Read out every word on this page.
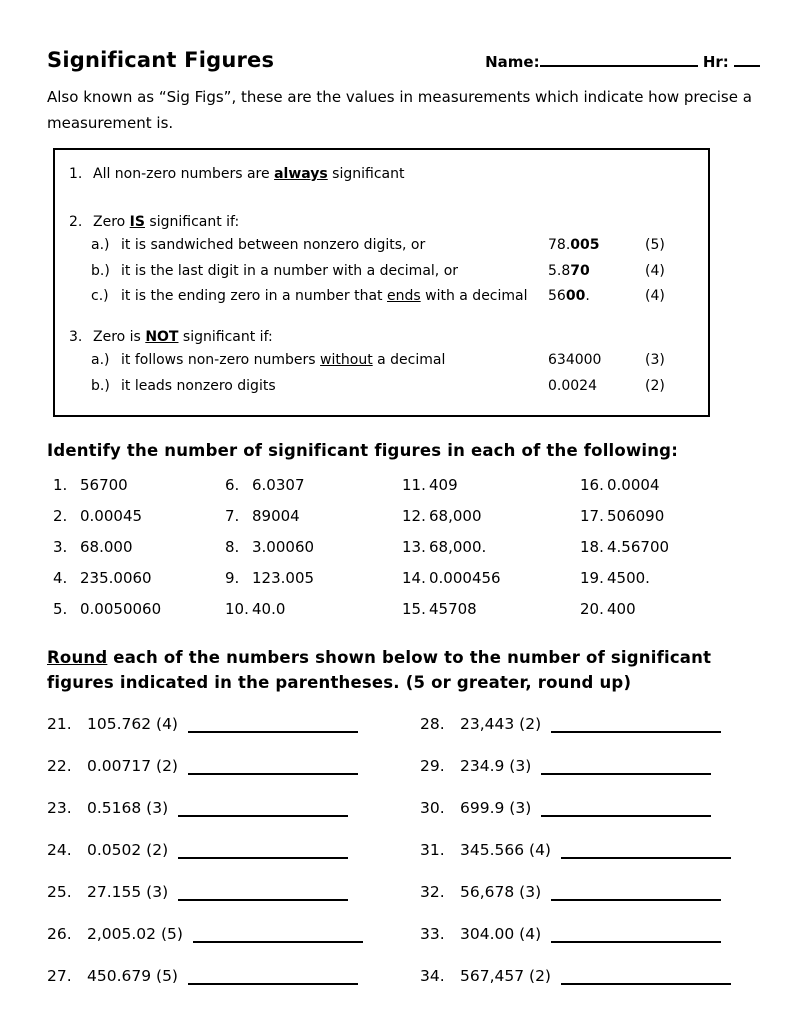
Significant Figures	Name:	Hr:
Also known as “Sig Figs”, these are the values in measurements which indicate how precise a measurement is.
1. All non-zero numbers are always significant
2. Zero IS significant if:
a.) it is sandwiched between nonzero digits, or	78.005	(5)
b.) it is the last digit in a number with a decimal, or	5.870	(4)
c.) it is the ending zero in a number that ends with a decimal	5600.	(4)
3. Zero is NOT significant if:
a.) it follows non-zero numbers without a decimal	634000	(3)
b.) it leads nonzero digits	0.0024	(2)
Identify the number of significant figures in each of the following:
1. 56700	6. 6.0307	11. 409	16. 0.0004
2. 0.00045	7. 89004	12. 68,000	17. 506090
3. 68.000	8. 3.00060	13. 68,000.	18. 4.56700
4. 235.0060	9. 123.005	14. 0.000456	19. 4500.
5. 0.0050060	10. 40.0	15. 45708	20. 400
Round each of the numbers shown below to the number of significant figures indicated in the parentheses. (5 or greater, round up)
21. 105.762 (4)	28. 23,443 (2)
22. 0.00717 (2)	29. 234.9 (3)
23. 0.5168 (3)	30. 699.9 (3)
24. 0.0502 (2)	31. 345.566 (4)
25. 27.155 (3)	32. 56,678 (3)
26. 2,005.02 (5)	33. 304.00 (4)
27. 450.679 (5)	34. 567,457 (2)
